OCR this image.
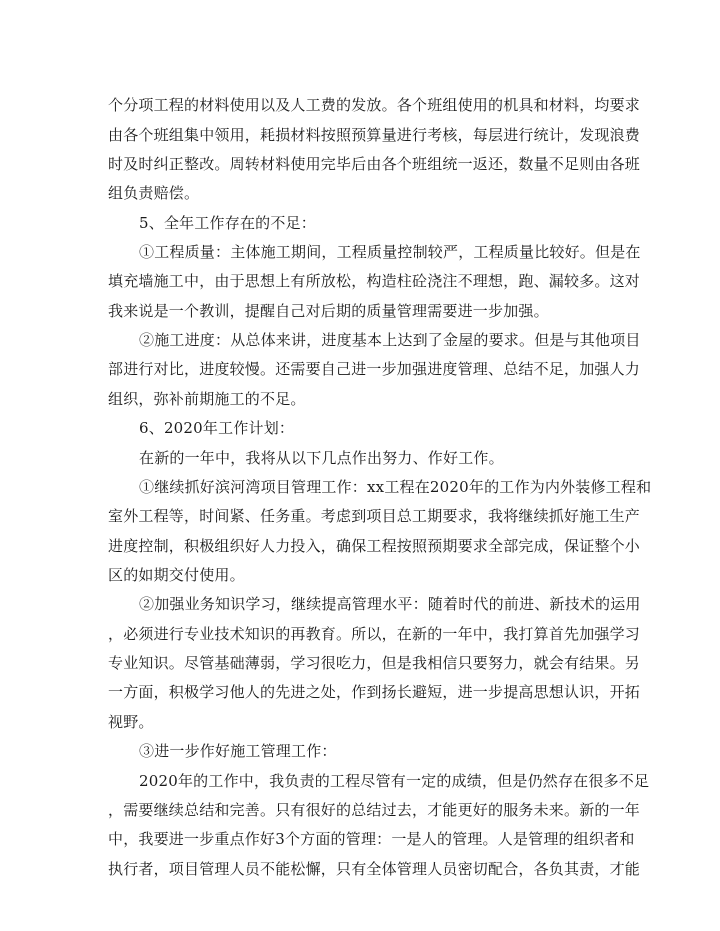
个分项工程的材料使用以及人工费的发放。各个班组使用的机具和材料，均要求
由各个班组集中领用，耗损材料按照预算量进行考核，每层进行统计，发现浪费
时及时纠正整改。周转材料使用完毕后由各个班组统一返还，数量不足则由各班
组负责赔偿。
5、全年工作存在的不足：
①工程质量：主体施工期间，工程质量控制较严，工程质量比较好。但是在
填充墙施工中，由于思想上有所放松，构造柱砼浇注不理想，跑、漏较多。这对
我来说是一个教训，提醒自己对后期的质量管理需要进一步加强。
②施工进度：从总体来讲，进度基本上达到了金屋的要求。但是与其他项目
部进行对比，进度较慢。还需要自己进一步加强进度管理、总结不足，加强人力
组织，弥补前期施工的不足。
6、2020年工作计划：
在新的一年中，我将从以下几点作出努力、作好工作。
①继续抓好滨河湾项目管理工作：xx工程在2020年的工作为内外装修工程和
室外工程等，时间紧、任务重。考虑到项目总工期要求，我将继续抓好施工生产
进度控制，积极组织好人力投入，确保工程按照预期要求全部完成，保证整个小
区的如期交付使用。
②加强业务知识学习，继续提高管理水平：随着时代的前进、新技术的运用
，必须进行专业技术知识的再教育。所以，在新的一年中，我打算首先加强学习
专业知识。尽管基础薄弱，学习很吃力，但是我相信只要努力，就会有结果。另
一方面，积极学习他人的先进之处，作到扬长避短，进一步提高思想认识，开拓
视野。
③进一步作好施工管理工作：
2020年的工作中，我负责的工程尽管有一定的成绩，但是仍然存在很多不足
，需要继续总结和完善。只有很好的总结过去，才能更好的服务未来。新的一年
中，我要进一步重点作好3个方面的管理：一是人的管理。人是管理的组织者和
执行者，项目管理人员不能松懈，只有全体管理人员密切配合，各负其责，才能
